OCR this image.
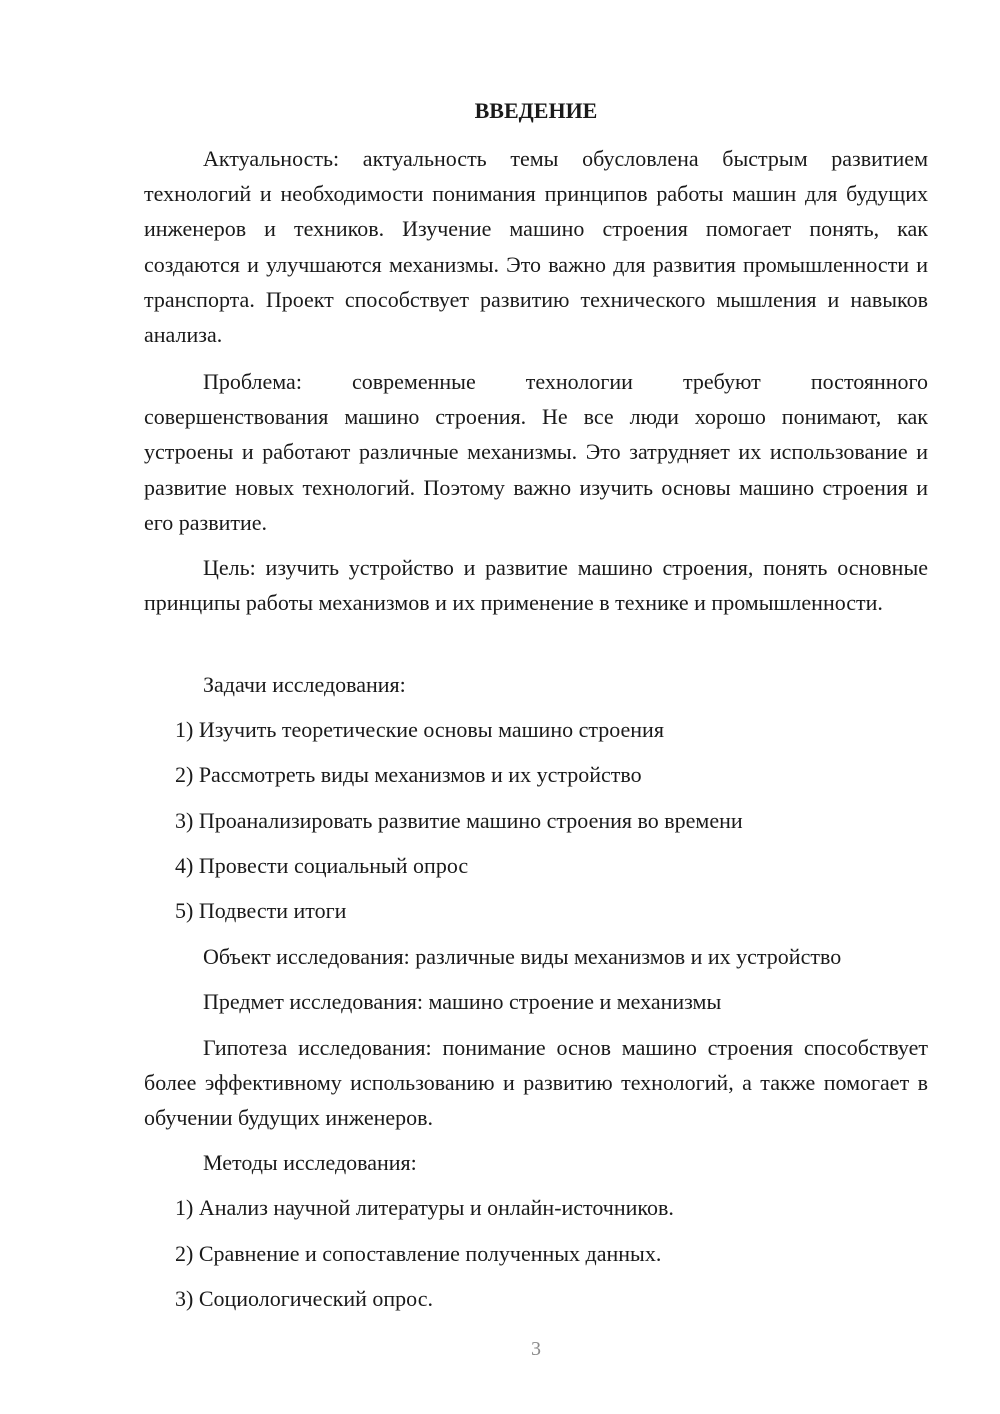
ВВЕДЕНИЕ

Актуальность: актуальность темы обусловлена быстрым развитием технологий и необходимости понимания принципов работы машин для будущих инженеров и техников. Изучение машино строения помогает понять, как создаются и улучшаются механизмы. Это важно для развития промышленности и транспорта. Проект способствует развитию технического мышления и навыков анализа.

Проблема: современные технологии требуют постоянного совершенствования машино строения. Не все люди хорошо понимают, как устроены и работают различные механизмы. Это затрудняет их использование и развитие новых технологий. Поэтому важно изучить основы машино строения и его развитие.

Цель: изучить устройство и развитие машино строения, понять основные принципы работы механизмов и их применение в технике и промышленности.

Задачи исследования:
1) Изучить теоретические основы машино строения
2) Рассмотреть виды механизмов и их устройство
3) Проанализировать развитие машино строения во времени
4) Провести социальный опрос
5) Подвести итоги
Объект исследования: различные виды механизмов и их устройство
Предмет исследования: машино строение и механизмы

Гипотеза исследования: понимание основ машино строения способствует более эффективному использованию и развитию технологий, а также помогает в обучении будущих инженеров.

Методы исследования:
1) Анализ научной литературы и онлайн-источников.
2) Сравнение и сопоставление полученных данных.
3) Социологический опрос.
3
